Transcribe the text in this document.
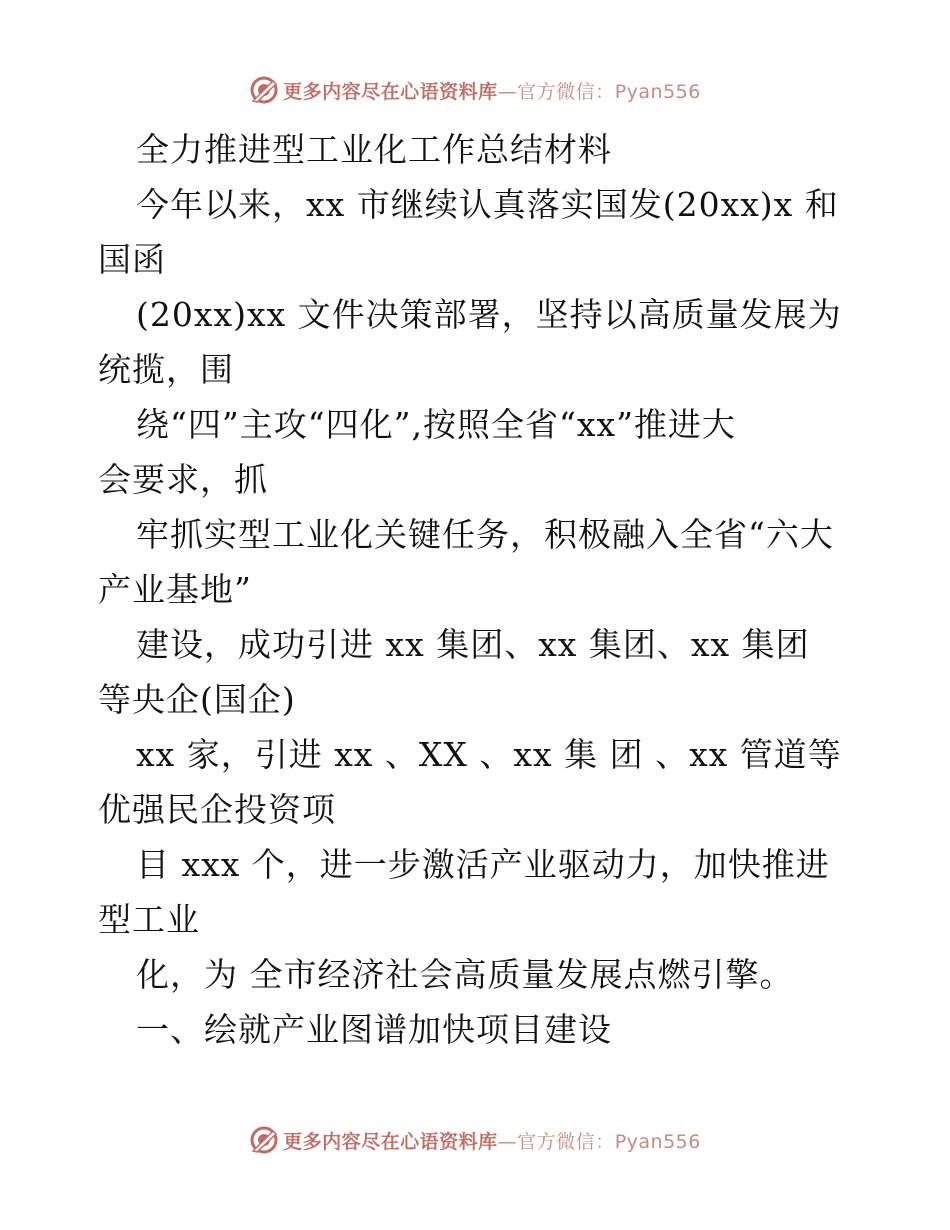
更多内容尽在心语资料库—官方微信：Pyan556
全力推进型工业化工作总结材料
今年以来，xx 市继续认真落实国发(20xx)x 和
国函
(20xx)xx 文件决策部署，坚持以高质量发展为
统揽，围
绕“四”主攻“四化”,按照全省“xx”推进大
会要求，抓
牢抓实型工业化关键任务，积极融入全省“六大
产业基地”
建设，成功引进 xx 集团、xx 集团、xx 集团
等央企(国企)
xx 家，引进 xx 、XX 、xx 集 团 、xx 管道等
优强民企投资项
目 xxx 个，进一步激活产业驱动力，加快推进
型工业
化，为 全市经济社会高质量发展点燃引擎。
一、绘就产业图谱加快项目建设
更多内容尽在心语资料库—官方微信：Pyan556
